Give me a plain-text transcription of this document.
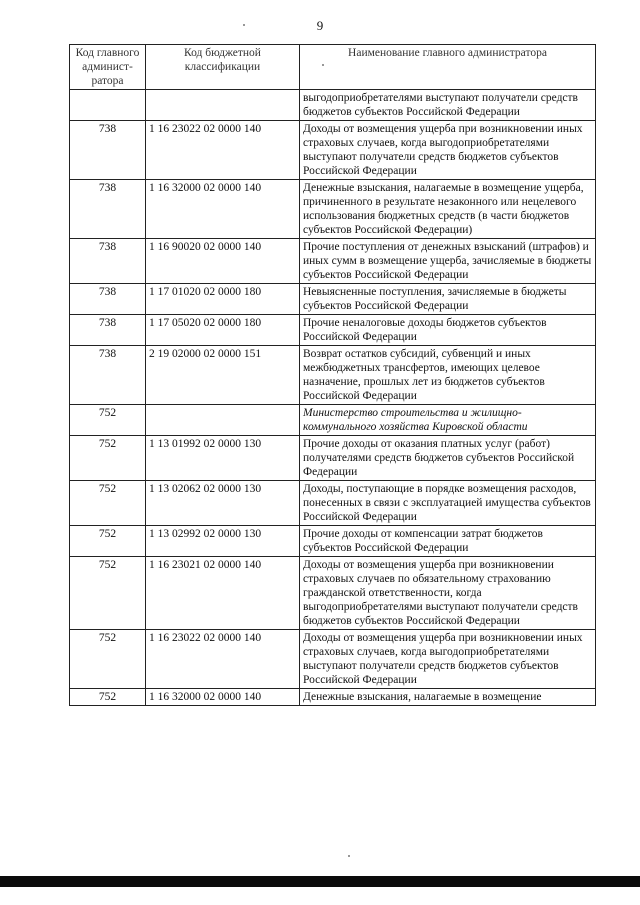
9
Код главного админист-ратора	Код бюджетной классификации	Наименование главного администратора
		выгодоприобретателями выступают получатели средств бюджетов субъектов Российской Федерации
738	1 16 23022 02 0000 140	Доходы от возмещения ущерба при возникновении иных страховых случаев, когда выгодоприобретателями выступают получатели средств бюджетов субъектов Российской Федерации
738	1 16 32000 02 0000 140	Денежные взыскания, налагаемые в возмещение ущерба, причиненного в результате незаконного или нецелевого использования бюджетных средств (в части бюджетов субъектов Российской Федерации)
738	1 16 90020 02 0000 140	Прочие поступления от денежных взысканий (штрафов) и иных сумм в возмещение ущерба, зачисляемые в бюджеты субъектов Российской Федерации
738	1 17 01020 02 0000 180	Невыясненные поступления, зачисляемые в бюджеты субъектов Российской Федерации
738	1 17 05020 02 0000 180	Прочие неналоговые доходы бюджетов субъектов Российской Федерации
738	2 19 02000 02 0000 151	Возврат остатков субсидий, субвенций и иных межбюджетных трансфертов, имеющих целевое назначение, прошлых лет из бюджетов субъектов Российской Федерации
752		Министерство строительства и жилищно-коммунального хозяйства Кировской области
752	1 13 01992 02 0000 130	Прочие доходы от оказания платных услуг (работ) получателями средств бюджетов субъектов Российской Федерации
752	1 13 02062 02 0000 130	Доходы, поступающие в порядке возмещения расходов, понесенных в связи с эксплуатацией имущества субъектов Российской Федерации
752	1 13 02992 02 0000 130	Прочие доходы от компенсации затрат бюджетов субъектов Российской Федерации
752	1 16 23021 02 0000 140	Доходы от возмещения ущерба при возникновении страховых случаев по обязательному страхованию гражданской ответственности, когда выгодоприобретателями выступают получатели средств бюджетов субъектов Российской Федерации
752	1 16 23022 02 0000 140	Доходы от возмещения ущерба при возникновении иных страховых случаев, когда выгодоприобретателями выступают получатели средств бюджетов субъектов Российской Федерации
752	1 16 32000 02 0000 140	Денежные взыскания, налагаемые в возмещение
